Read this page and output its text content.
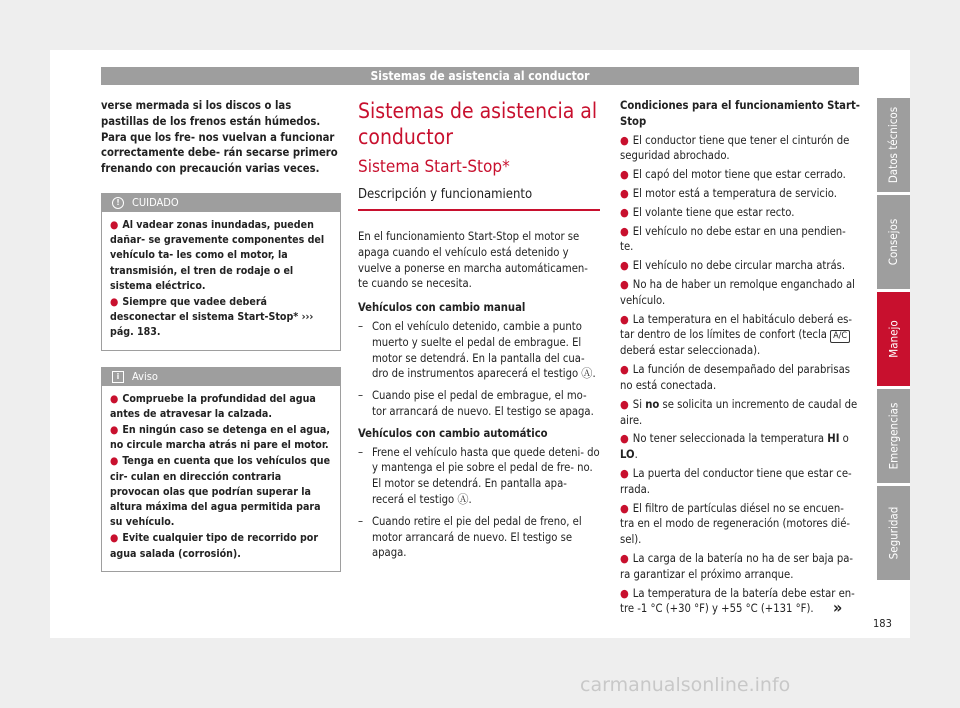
Sistemas de asistencia al conductor
verse mermada si los discos o las pastillas de los frenos están húmedos. Para que los fre- nos vuelvan a funcionar correctamente debe- rán secarse primero frenando con precaución varias veces.
!	CUIDADO
● Al vadear zonas inundadas, pueden dañar- se gravemente componentes del vehículo ta- les como el motor, la transmisión, el tren de rodaje o el sistema eléctrico.
● Siempre que vadee deberá desconectar el sistema Start-Stop* ››› pág. 183.
i	Aviso
● Compruebe la profundidad del agua antes de atravesar la calzada.
● En ningún caso se detenga en el agua, no circule marcha atrás ni pare el motor.
● Tenga en cuenta que los vehículos que cir- culan en dirección contraria provocan olas que podrían superar la altura máxima del agua permitida para su vehículo.
● Evite cualquier tipo de recorrido por agua salada (corrosión).
Sistemas de asistencia al conductor
Sistema Start-Stop*
Descripción y funcionamiento

En el funcionamiento Start-Stop el motor se apaga cuando el vehículo está detenido y vuelve a ponerse en marcha automáticamen- te cuando se necesita.

Vehículos con cambio manual
– Con el vehículo detenido, cambie a punto muerto y suelte el pedal de embrague. El motor se detendrá. En la pantalla del cua- dro de instrumentos aparecerá el testigo Ⓐ.
– Cuando pise el pedal de embrague, el mo- tor arrancará de nuevo. El testigo se apaga.
Vehículos con cambio automático
– Frene el vehículo hasta que quede deteni- do y mantenga el pie sobre el pedal de fre- no. El motor se detendrá. En pantalla apa- recerá el testigo Ⓐ.
– Cuando retire el pie del pedal de freno, el motor arrancará de nuevo. El testigo se apaga.
Condiciones para el funcionamiento Start- Stop
● El conductor tiene que tener el cinturón de seguridad abrochado.
● El capó del motor tiene que estar cerrado.
● El motor está a temperatura de servicio.
● El volante tiene que estar recto.
● El vehículo no debe estar en una pendien- te.
● El vehículo no debe circular marcha atrás.
● No ha de haber un remolque enganchado al vehículo.
● La temperatura en el habitáculo deberá es- tar dentro de los límites de confort (tecla A/C deberá estar seleccionada).
● La función de desempañado del parabrisas no está conectada.
● Si no se solicita un incremento de caudal de aire.
● No tener seleccionada la temperatura HI o LO.
● La puerta del conductor tiene que estar ce- rrada.
● El filtro de partículas diésel no se encuen- tra en el modo de regeneración (motores dié- sel).
● La carga de la batería no ha de ser baja pa- ra garantizar el próximo arranque.
● La temperatura de la batería debe estar en- tre -1 °C (+30 °F) y +55 °C (+131 °F).	»
Datos técnicos
Consejos
Manejo
Emergencias
Seguridad
183
carmanualsonline.info
